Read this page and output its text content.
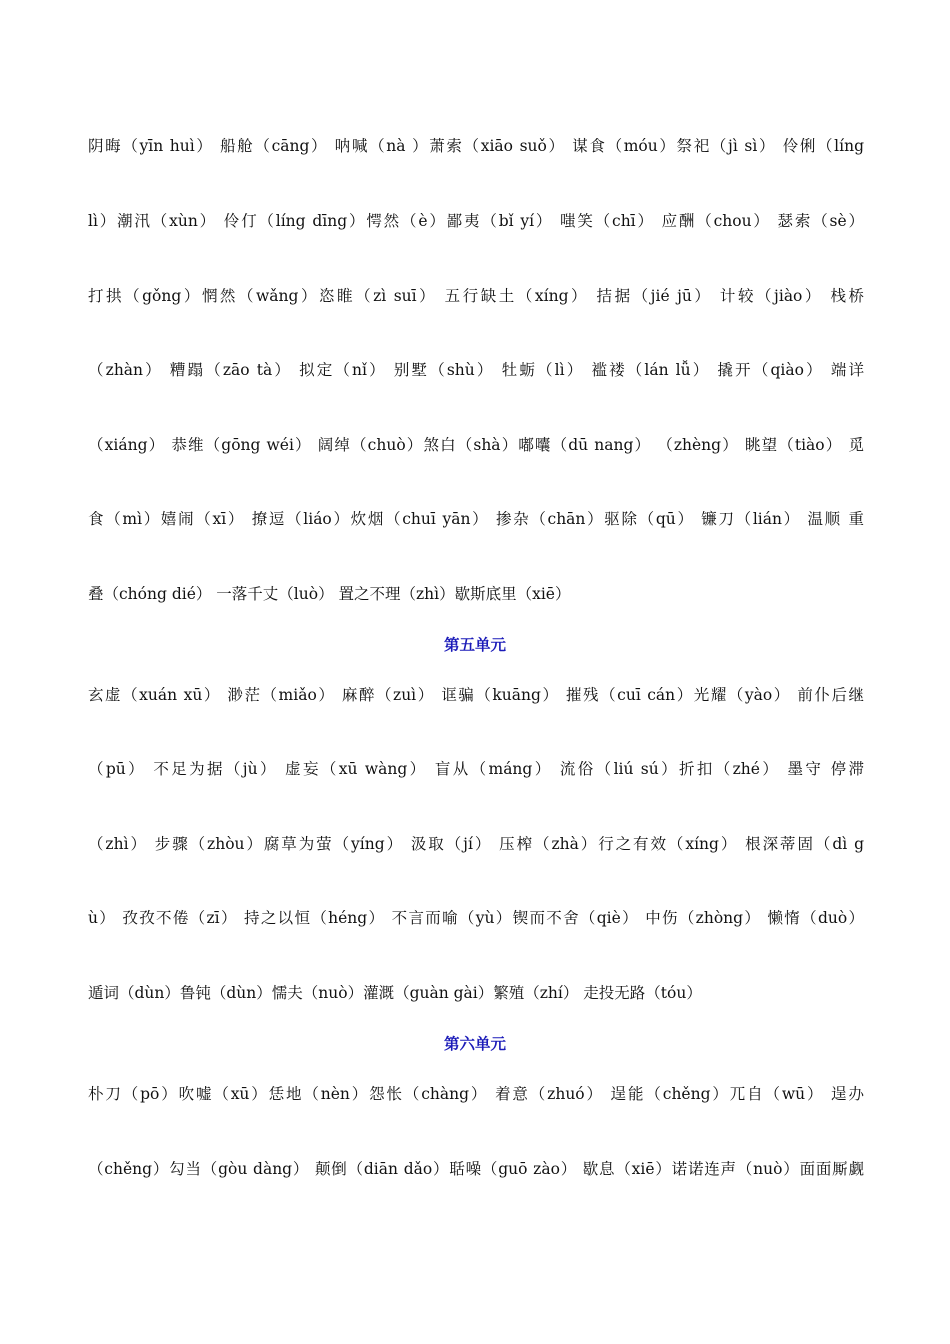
阴晦（yīn huì） 船舱（cāng） 呐喊（nà ）萧索（xiāo suǒ） 谋食（móu）祭祀（jì sì） 伶俐（líng
lì）潮汛（xùn） 伶仃（líng dīng）愕然（è）鄙夷（bǐ yí） 嗤笑（chī） 应酬（chou） 瑟索（sè）
打拱（gǒng）惘然（wǎng）恣睢（zì suī） 五行缺土（xíng） 拮据（jié jū） 计较（jiào） 栈桥
（zhàn） 糟蹋（zāo tà） 拟定（nǐ） 别墅（shù） 牡蛎（lì） 褴褛（lán lǚ） 撬开（qiào） 端详
（xiáng） 恭维（gōng wéi） 阔绰（chuò）煞白（shà）嘟囔（dū nang） （zhèng） 眺望（tiào） 觅
食（mì）嬉闹（xī） 撩逗（liáo）炊烟（chuī yān） 掺杂（chān）驱除（qū） 镰刀（lián） 温顺 重
叠（chóng dié） 一落千丈（luò） 置之不理（zhì）歇斯底里（xiē）
第五单元
玄虚（xuán xū） 渺茫（miǎo） 麻醉（zuì） 诓骗（kuāng） 摧残（cuī cán）光耀（yào） 前仆后继
（pū） 不足为据（jù） 虚妄（xū wàng） 盲从（máng） 流俗（liú sú）折扣（zhé） 墨守 停滞
（zhì） 步骤（zhòu）腐草为萤（yíng） 汲取（jí） 压榨（zhà）行之有效（xíng） 根深蒂固（dì g
ù） 孜孜不倦（zī） 持之以恒（héng） 不言而喻（yù）锲而不舍（qiè） 中伤（zhòng） 懒惰（duò）
遁词（dùn）鲁钝（dùn）懦夫（nuò）灌溉（guàn gài）繁殖（zhí） 走投无路（tóu）
第六单元
朴刀（pō）吹嘘（xū）恁地（nèn）怨怅（chàng） 着意（zhuó） 逞能（chěng）兀自（wū） 逞办
（chěng）勾当（gòu dàng） 颠倒（diān dǎo）聒噪（guō zào） 歇息（xiē）诺诺连声（nuò）面面厮觑
